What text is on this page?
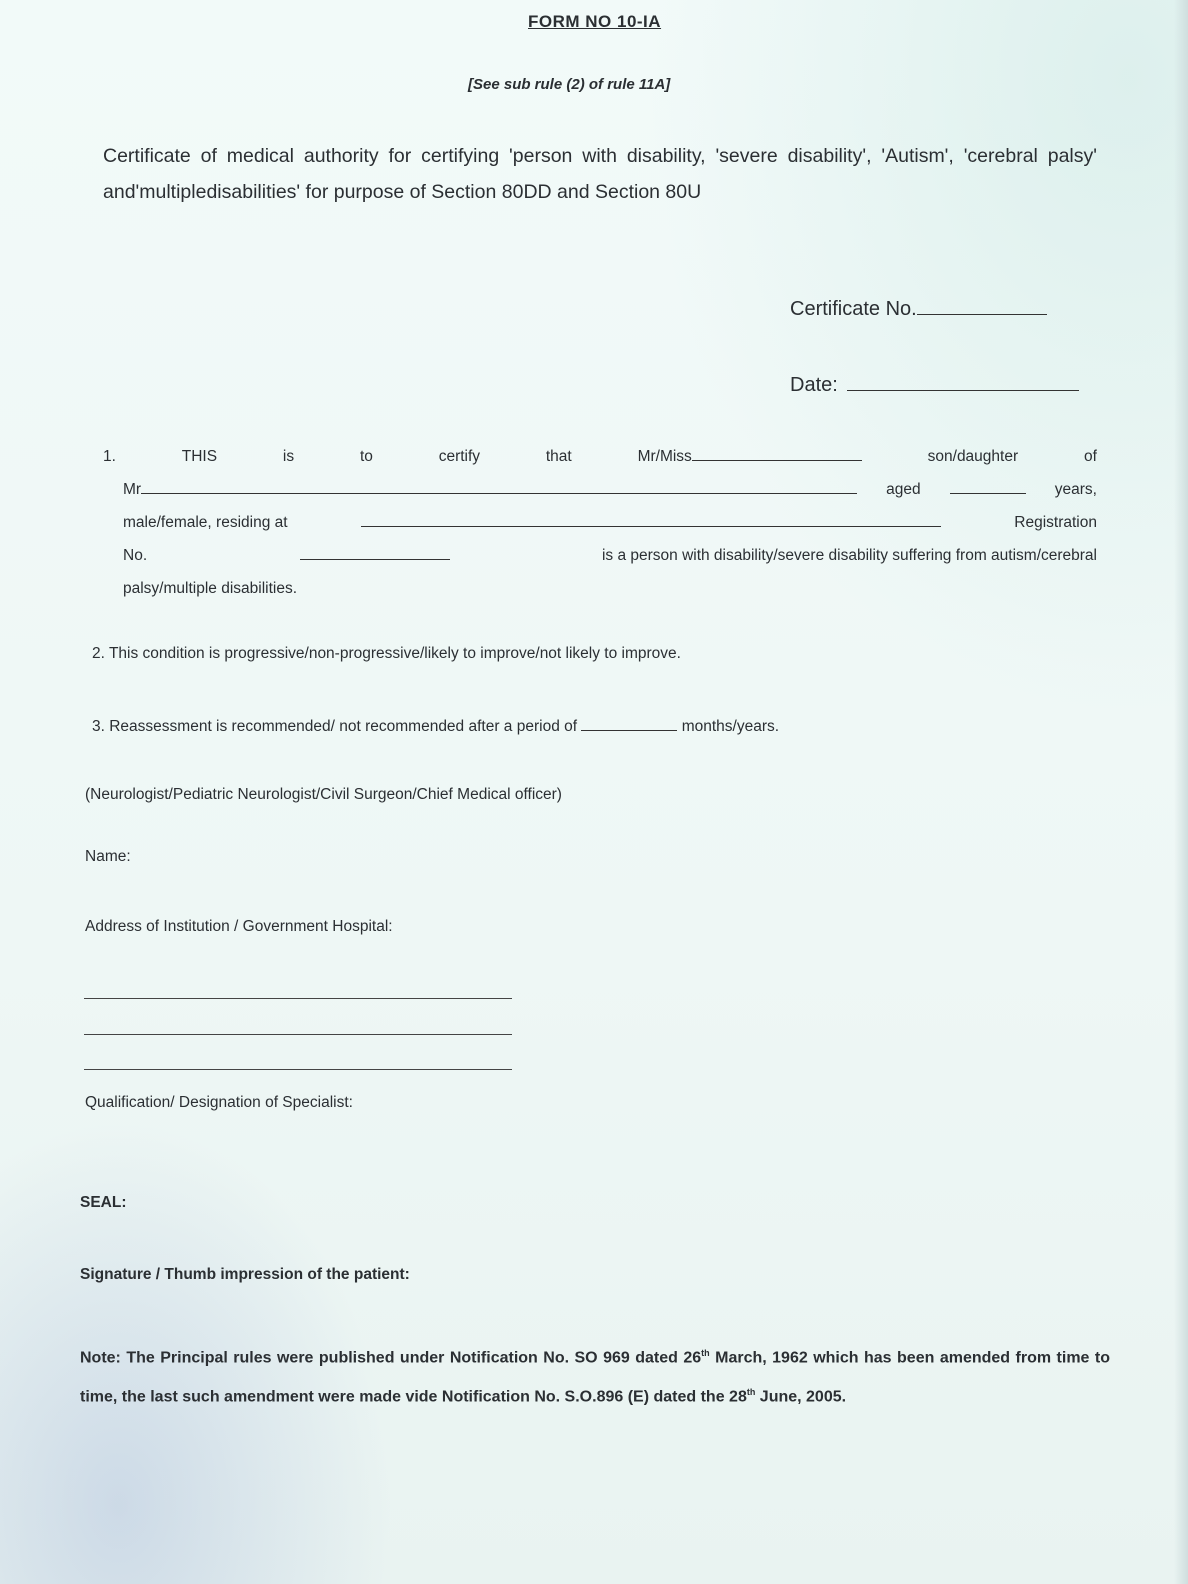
FORM NO 10-IA
[See sub rule (2) of rule 11A]
Certificate of medical authority for certifying 'person with disability, 'severe disability', 'Autism', 'cerebral palsy' and'multipledisabilities' for purpose of Section 80DD and Section 80U
Certificate No.
Date:
1.	THIS	is	to	certify	that	Mr/Miss	son/daughter	of
Mr	aged	years,
male/female, residing at	Registration
No.	is a person with disability/severe disability suffering from autism/cerebral
palsy/multiple disabilities.
2. This condition is progressive/non-progressive/likely to improve/not likely to improve.
3. Reassessment is recommended/ not recommended after a period of	months/years.
(Neurologist/Pediatric Neurologist/Civil Surgeon/Chief Medical officer)
Name:
Address of Institution / Government Hospital:
Qualification/ Designation of Specialist:
SEAL:
Signature / Thumb impression of the patient:
Note: The Principal rules were published under Notification No. SO 969 dated 26th March, 1962 which has been amended from time to time, the last such amendment were made vide Notification No. S.O.896 (E) dated the 28th June, 2005.
